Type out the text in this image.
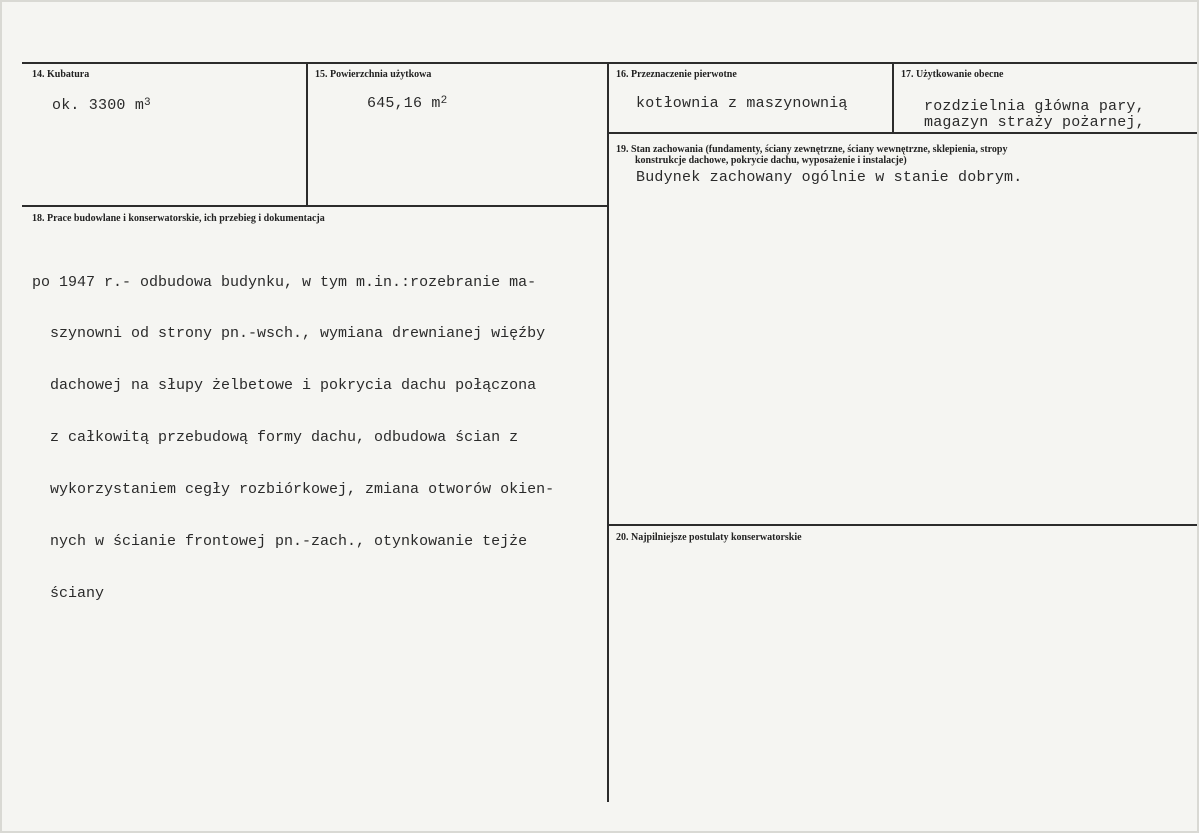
14. Kubatura
ok. 3300 $m^3$
15. Powierzchnia użytkowa
645,16 $m^2$
16. Przeznaczenie pierwotne
kotłownia z maszynownią
17. Użytkowanie obecne
rozdzielnia główna pary,
magazyn straży pożarnej,
19. Stan zachowania (fundamenty, ściany zewnętrzne, ściany wewnętrzne, sklepienia, stropy
konstrukcje dachowe, pokrycie dachu, wyposażenie i instalacje)
Budynek zachowany ogólnie w stanie dobrym.
18. Prace budowlane i konserwatorskie, ich przebieg i dokumentacja

po 1947 r.- odbudowa budynku, w tym m.in.:rozebranie ma-

szynowni od strony pn.-wsch., wymiana drewnianej więźby

dachowej na słupy żelbetowe i pokrycia dachu połączona

z całkowitą przebudową formy dachu, odbudowa ścian z

wykorzystaniem cegły rozbiórkowej, zmiana otworów okien-

nych w ścianie frontowej pn.-zach., otynkowanie tejże

ściany

20. Najpilniejsze postulaty konserwatorskie
